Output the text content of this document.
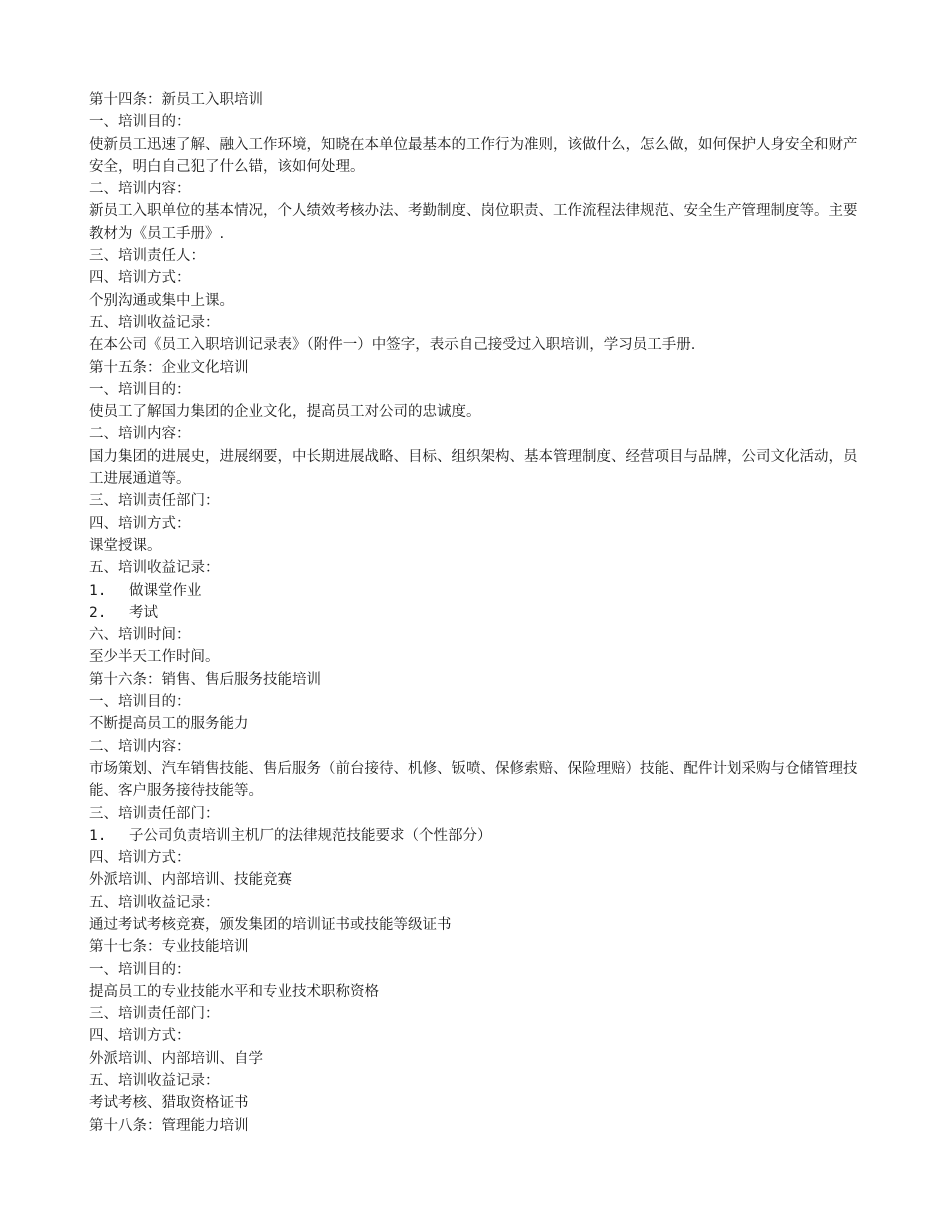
第十四条：新员工入职培训

一、培训目的：

使新员工迅速了解、融入工作环境，知晓在本单位最基本的工作行为准则，该做什么，怎么做，如何保护人身安全和财产安全，明白自己犯了什么错，该如何处理。

二、培训内容：

新员工入职单位的基本情况，个人绩效考核办法、考勤制度、岗位职责、工作流程法律规范、安全生产管理制度等。主要教材为《员工手册》.

三、培训责任人：

四、培训方式：

个别沟通或集中上课。

五、培训收益记录：

在本公司《员工入职培训记录表》（附件一）中签字，表示自己接受过入职培训，学习员工手册.

第十五条：企业文化培训

一、培训目的：

使员工了解国力集团的企业文化，提高员工对公司的忠诚度。

二、培训内容：

国力集团的进展史，进展纲要，中长期进展战略、目标、组织架构、基本管理制度、经营项目与品牌，公司文化活动，员工进展通道等。

三、培训责任部门：

四、培训方式：

课堂授课。

五、培训收益记录：

1.	做课堂作业

2.	考试

六、培训时间：

至少半天工作时间。

第十六条：销售、售后服务技能培训

一、培训目的：

不断提高员工的服务能力

二、培训内容：

市场策划、汽车销售技能、售后服务（前台接待、机修、钣喷、保修索赔、保险理赔）技能、配件计划采购与仓储管理技能、客户服务接待技能等。

三、培训责任部门：

1.	子公司负责培训主机厂的法律规范技能要求（个性部分）

四、培训方式：

外派培训、内部培训、技能竞赛

五、培训收益记录：

通过考试考核竞赛，颁发集团的培训证书或技能等级证书

第十七条：专业技能培训

一、培训目的：

提高员工的专业技能水平和专业技术职称资格

三、培训责任部门：

四、培训方式：

外派培训、内部培训、自学

五、培训收益记录：

考试考核、猎取资格证书

第十八条：管理能力培训
